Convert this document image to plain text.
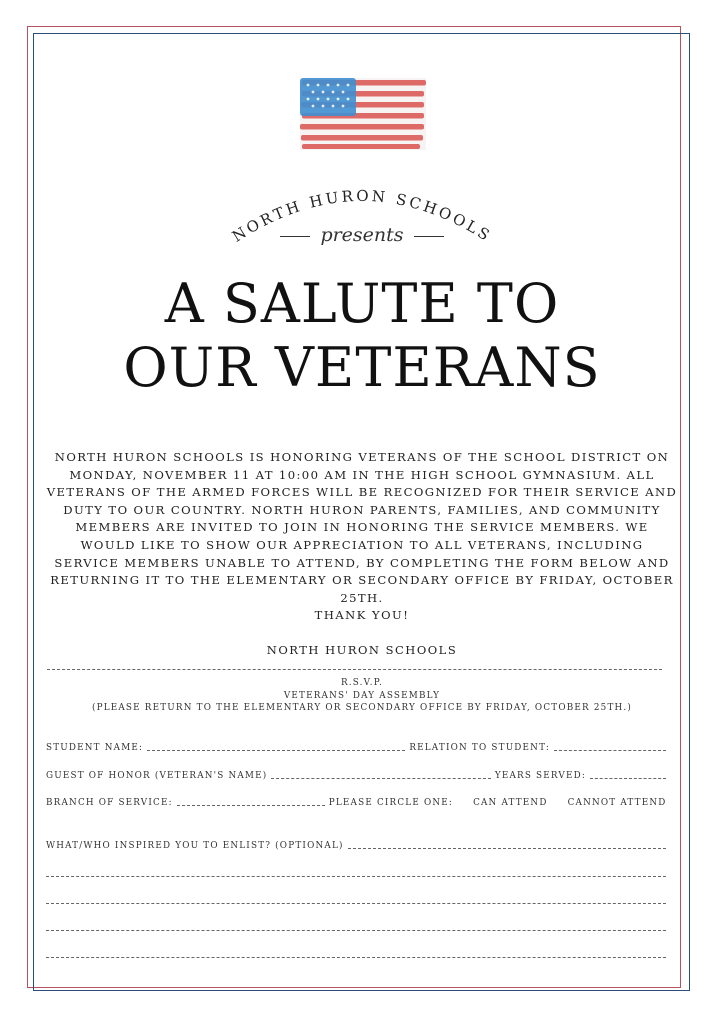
NORTH HURON SCHOOLS
presents
A SALUTE TO
OUR VETERANS
NORTH HURON SCHOOLS IS HONORING VETERANS OF THE SCHOOL DISTRICT ON MONDAY, NOVEMBER 11 AT 10:00 AM IN THE HIGH SCHOOL GYMNASIUM. ALL VETERANS OF THE ARMED FORCES WILL BE RECOGNIZED FOR THEIR SERVICE AND DUTY TO OUR COUNTRY. NORTH HURON PARENTS, FAMILIES, AND COMMUNITY MEMBERS ARE INVITED TO JOIN IN HONORING THE SERVICE MEMBERS. WE WOULD LIKE TO SHOW OUR APPRECIATION TO ALL VETERANS, INCLUDING SERVICE MEMBERS UNABLE TO ATTEND, BY COMPLETING THE FORM BELOW AND RETURNING IT TO THE ELEMENTARY OR SECONDARY OFFICE BY FRIDAY, OCTOBER 25TH.
THANK YOU!
NORTH HURON SCHOOLS
R.S.V.P.
VETERANS' DAY ASSEMBLY
(PLEASE RETURN TO THE ELEMENTARY OR SECONDARY OFFICE BY FRIDAY, OCTOBER 25TH.)
STUDENT NAME:	RELATION TO STUDENT:
GUEST OF HONOR (VETERAN'S NAME)	YEARS SERVED:
BRANCH OF SERVICE:	PLEASE CIRCLE ONE: CAN ATTEND CANNOT ATTEND
WHAT/WHO INSPIRED YOU TO ENLIST? (OPTIONAL)
